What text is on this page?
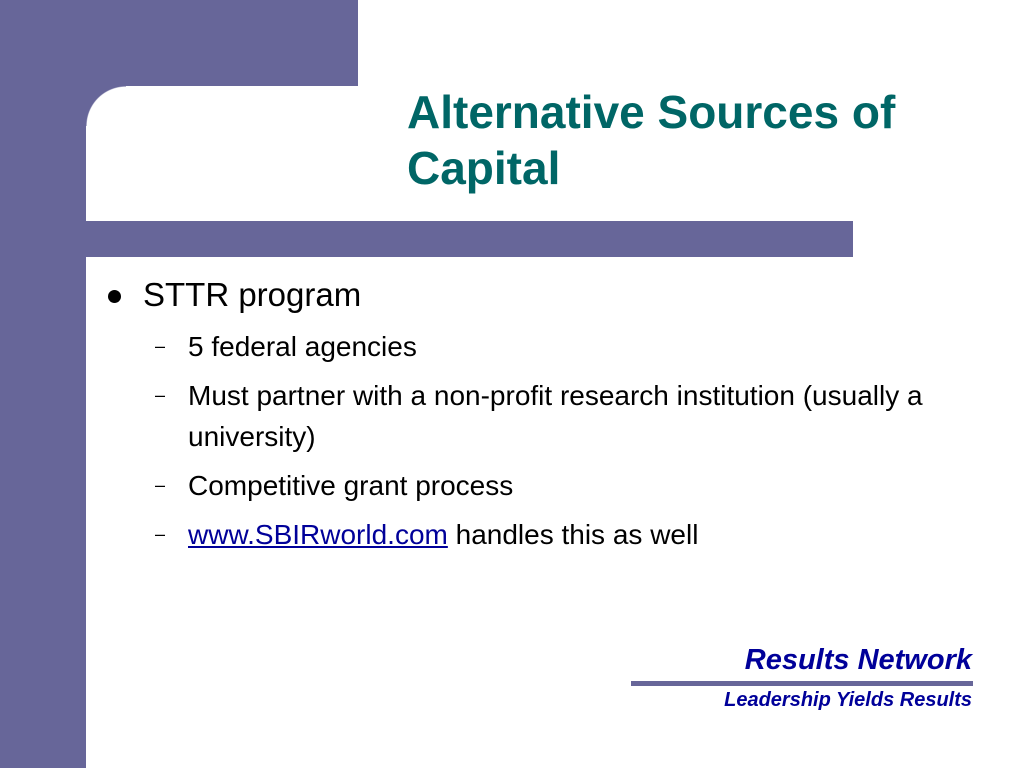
Alternative Sources of Capital
STTR program
– 5 federal agencies
– Must partner with a non-profit research institution (usually a university)
– Competitive grant process
– www.SBIRworld.com handles this as well
Results Network
Leadership Yields Results
